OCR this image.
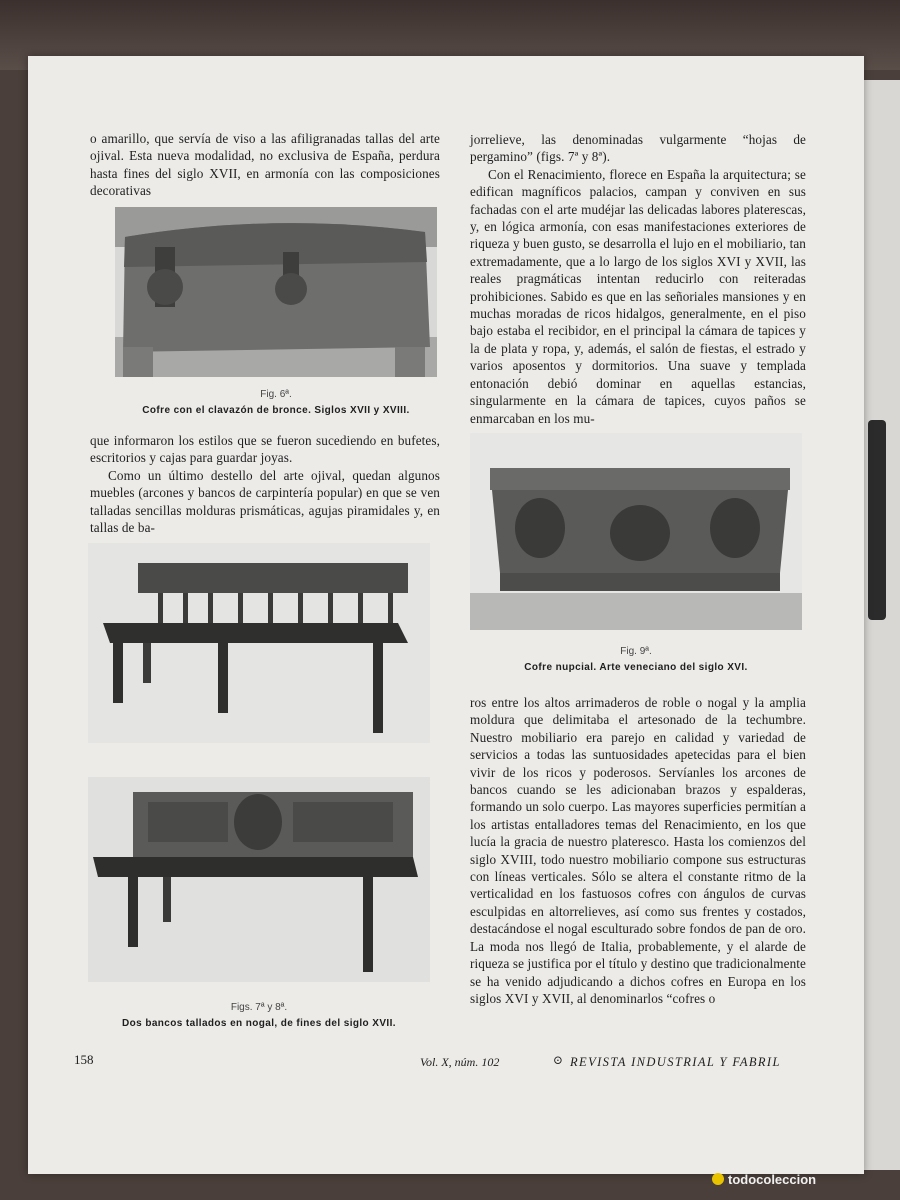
o amarillo, que servía de viso a las afiligranadas tallas del arte ojival. Esta nueva modalidad, no exclusiva de España, perdura hasta fines del siglo XVII, en armonía con las composiciones decorativas

Fig. 6ª.
Cofre con el clavazón de bronce. Siglos XVII y XVIII.

que informaron los estilos que se fueron sucediendo en bufetes, escritorios y cajas para guardar joyas.

Como un último destello del arte ojival, quedan algunos muebles (arcones y bancos de carpintería popular) en que se ven talladas sencillas molduras prismáticas, agujas piramidales y, en tallas de ba-

Figs. 7ª y 8ª.
Dos bancos tallados en nogal, de fines del siglo XVII.

jorrelieve, las denominadas vulgarmente “hojas de pergamino” (figs. 7ª y 8ª).

Con el Renacimiento, florece en España la arquitectura; se edifican magníficos palacios, campan y conviven en sus fachadas con el arte mudéjar las delicadas labores platerescas, y, en lógica armonía, con esas manifestaciones exteriores de riqueza y buen gusto, se desarrolla el lujo en el mobiliario, tan extremadamente, que a lo largo de los siglos XVI y XVII, las reales pragmáticas intentan reducirlo con reiteradas prohibiciones. Sabido es que en las señoriales mansiones y en muchas moradas de ricos hidalgos, generalmente, en el piso bajo estaba el recibidor, en el principal la cámara de tapices y la de plata y ropa, y, además, el salón de fiestas, el estrado y varios aposentos y dormitorios. Una suave y templada entonación debió dominar en aquellas estancias, singularmente en la cámara de tapices, cuyos paños se enmarcaban en los mu-

Fig. 9ª.
Cofre nupcial. Arte veneciano del siglo XVI.

ros entre los altos arrimaderos de roble o nogal y la amplia moldura que delimitaba el artesonado de la techumbre. Nuestro mobiliario era parejo en calidad y variedad de servicios a todas las suntuosidades apetecidas para el bien vivir de los ricos y poderosos. Servíanles los arcones de bancos cuando se les adicionaban brazos y espalderas, formando un solo cuerpo. Las mayores superficies permitían a los artistas entalladores temas del Renacimiento, en los que lucía la gracia de nuestro plateresco. Hasta los comienzos del siglo XVIII, todo nuestro mobiliario compone sus estructuras con líneas verticales. Sólo se altera el constante ritmo de la verticalidad en los fastuosos cofres con ángulos de curvas esculpidas en altorrelieves, así como sus frentes y costados, destacándose el nogal esculturado sobre fondos de pan de oro. La moda nos llegó de Italia, probablemente, y el alarde de riqueza se justifica por el título y destino que tradicionalmente se ha venido adjudicando a dichos cofres en Europa en los siglos XVI y XVII, al denominarlos “cofres o

158	Vol. X, núm. 102	⊙ REVISTA INDUSTRIAL Y FABRIL
todocoleccion
